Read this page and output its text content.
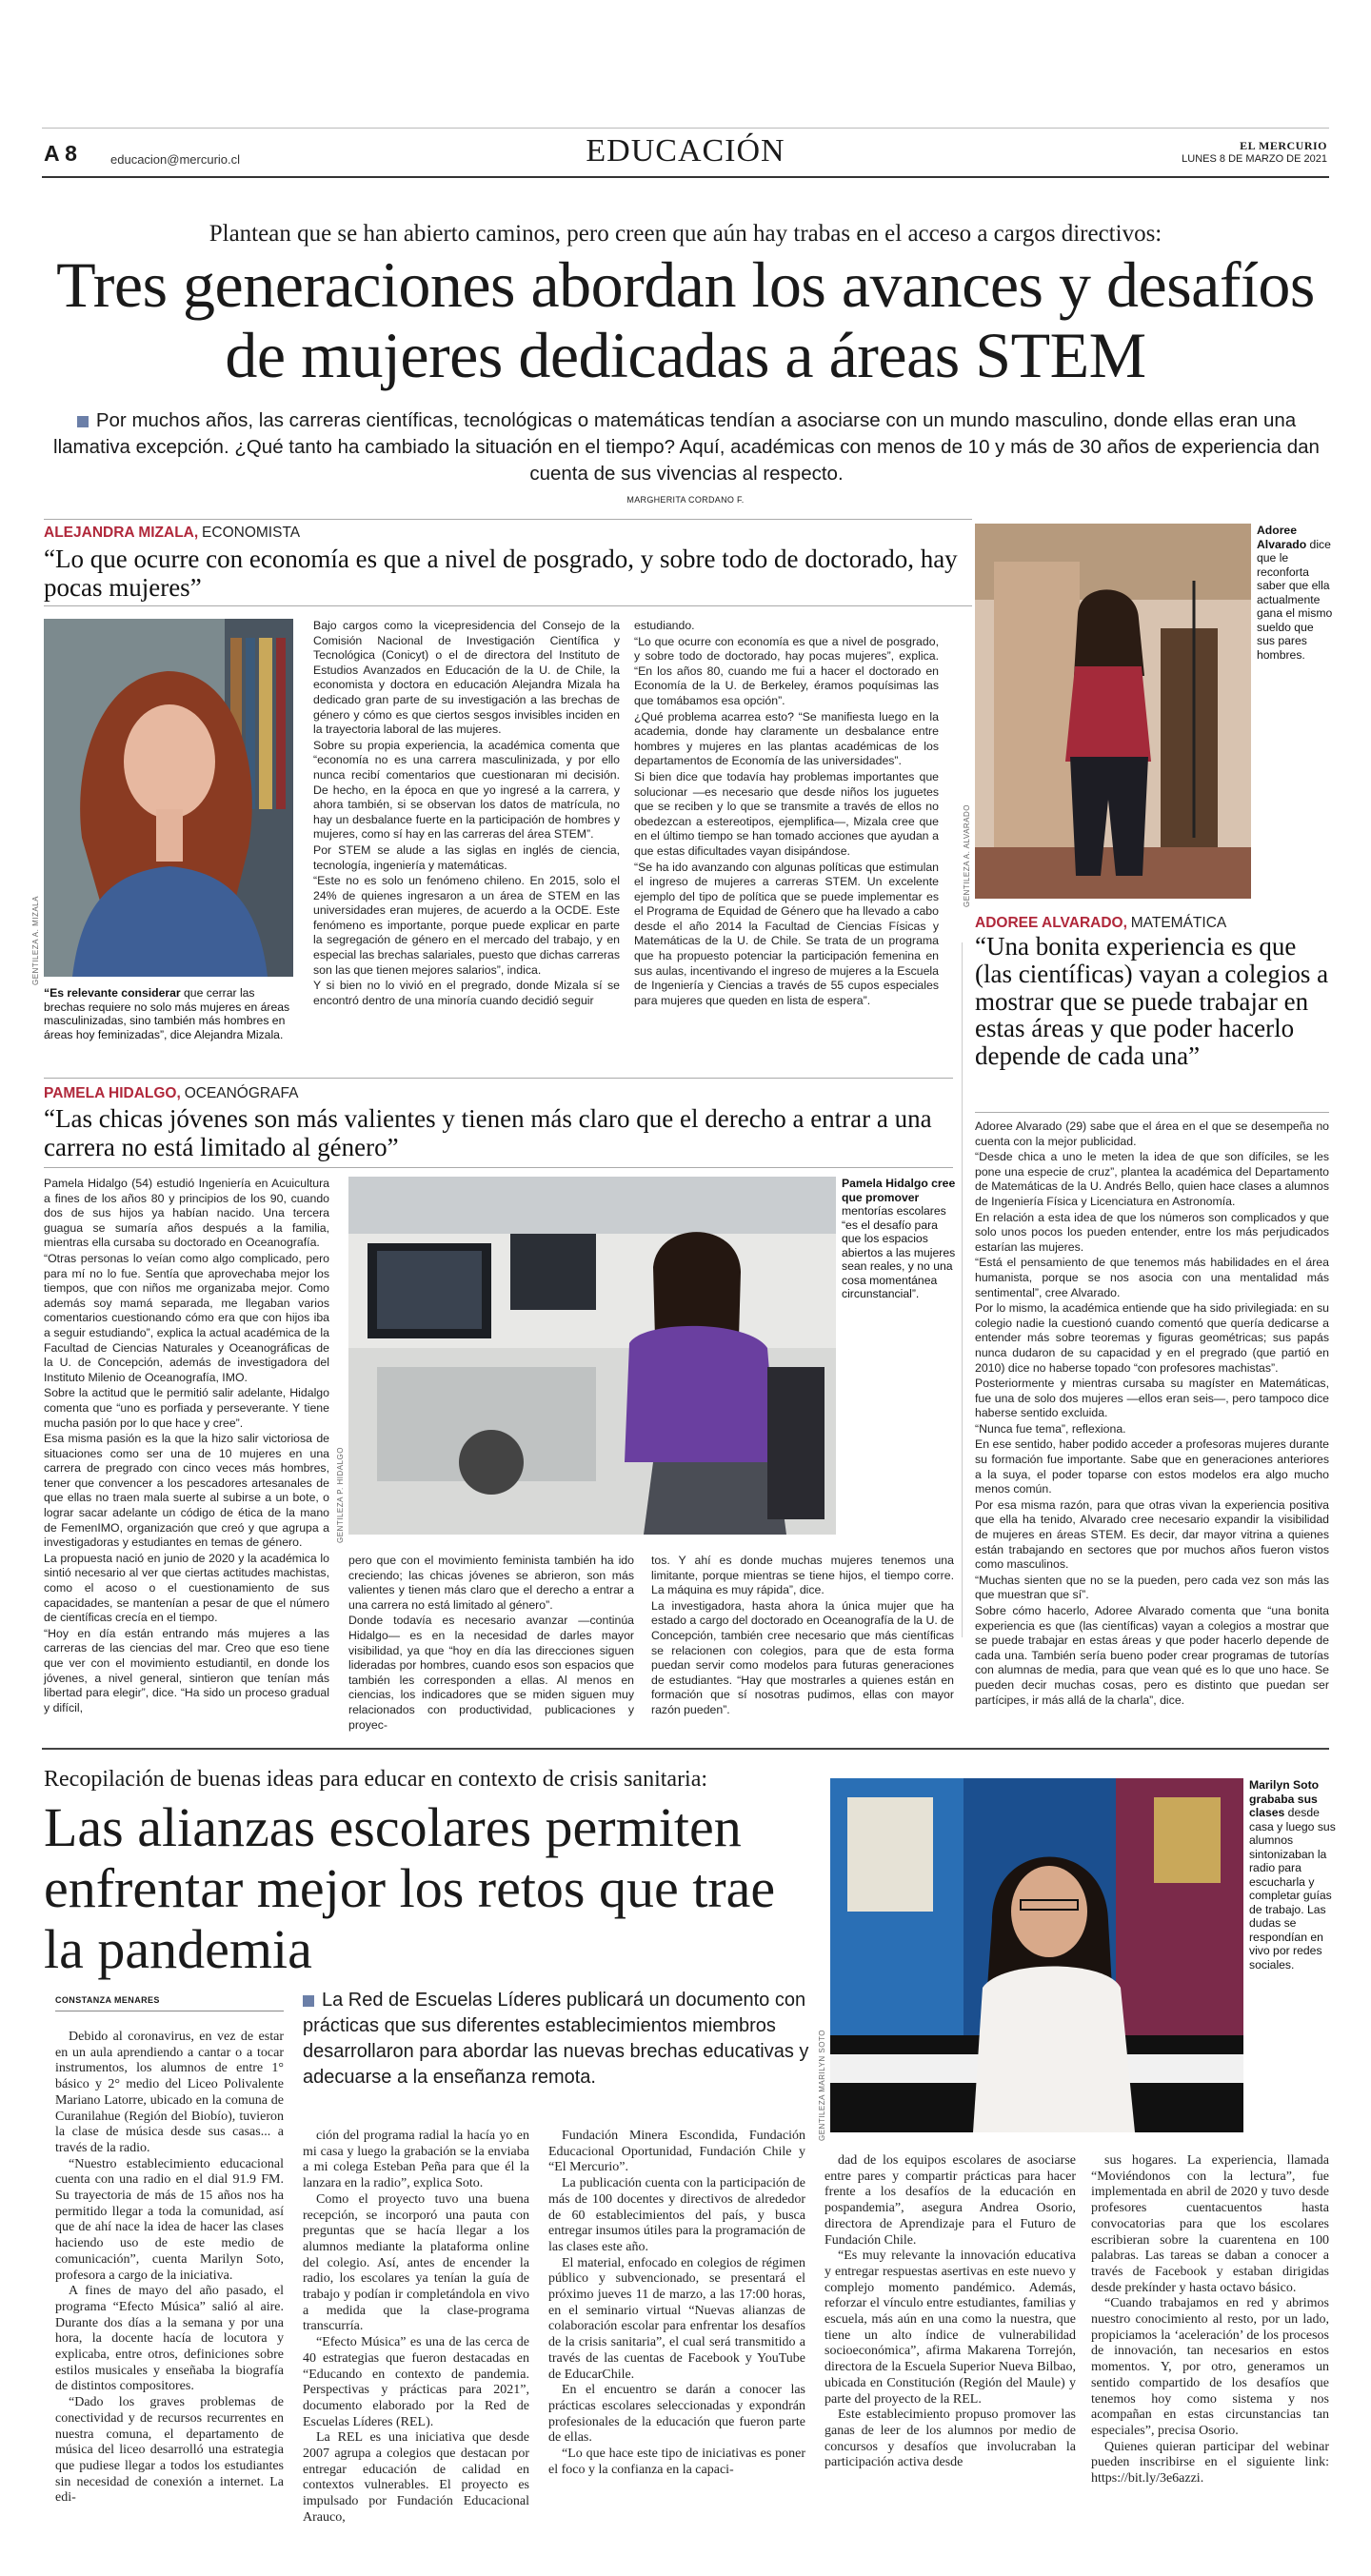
A 8	educacion@mercurio.cl	EDUCACIÓN	EL MERCURIO
LUNES 8 DE MARZO DE 2021
Plantean que se han abierto caminos, pero creen que aún hay trabas en el acceso a cargos directivos:
Tres generaciones abordan los avances y desafíos de mujeres dedicadas a áreas STEM
Por muchos años, las carreras científicas, tecnológicas o matemáticas tendían a asociarse con un mundo masculino, donde ellas eran una llamativa excepción. ¿Qué tanto ha cambiado la situación en el tiempo? Aquí, académicas con menos de 10 y más de 30 años de experiencia dan cuenta de sus vivencias al respecto.
MARGHERITA CORDANO F.
ALEJANDRA MIZALA, ECONOMISTA
“Lo que ocurre con economía es que a nivel de posgrado, y sobre todo de doctorado, hay pocas mujeres”
GENTILEZA A. MIZALA
“Es relevante considerar que cerrar las brechas requiere no solo más mujeres en áreas masculinizadas, sino también más hombres en áreas hoy feminizadas”, dice Alejandra Mizala.

Bajo cargos como la vicepresidencia del Consejo de la Comisión Nacional de Investigación Científica y Tecnológica (Conicyt) o el de directora del Instituto de Estudios Avanzados en Educación de la U. de Chile, la economista y doctora en educación Alejandra Mizala ha dedicado gran parte de su investigación a las brechas de género y cómo es que ciertos sesgos invisibles inciden en la trayectoria laboral de las mujeres.

Sobre su propia experiencia, la académica comenta que “economía no es una carrera masculinizada, y por ello nunca recibí comentarios que cuestionaran mi decisión. De hecho, en la época en que yo ingresé a la carrera, y ahora también, si se observan los datos de matrícula, no hay un desbalance fuerte en la participación de hombres y mujeres, como sí hay en las carreras del área STEM”.

Por STEM se alude a las siglas en inglés de ciencia, tecnología, ingeniería y matemáticas.

“Este no es solo un fenómeno chileno. En 2015, solo el 24% de quienes ingresaron a un área de STEM en las universidades eran mujeres, de acuerdo a la OCDE. Este fenómeno es importante, porque puede explicar en parte la segregación de género en el mercado del trabajo, y en especial las brechas salariales, puesto que dichas carreras son las que tienen mejores salarios”, indica.

Y si bien no lo vivió en el pregrado, donde Mizala sí se encontró dentro de una minoría cuando decidió seguir

estudiando.

“Lo que ocurre con economía es que a nivel de posgrado, y sobre todo de doctorado, hay pocas mujeres”, explica. “En los años 80, cuando me fui a hacer el doctorado en Economía de la U. de Berkeley, éramos poquísimas las que tomábamos esa opción”.

¿Qué problema acarrea esto? “Se manifiesta luego en la academia, donde hay claramente un desbalance entre hombres y mujeres en las plantas académicas de los departamentos de Economía de las universidades”.

Si bien dice que todavía hay problemas importantes que solucionar —es necesario que desde niños los juguetes que se reciben y lo que se transmite a través de ellos no obedezcan a estereotipos, ejemplifica—, Mizala cree que en el último tiempo se han tomado acciones que ayudan a que estas dificultades vayan disipándose.

“Se ha ido avanzando con algunas políticas que estimulan el ingreso de mujeres a carreras STEM. Un excelente ejemplo del tipo de política que se puede implementar es el Programa de Equidad de Género que ha llevado a cabo desde el año 2014 la Facultad de Ciencias Físicas y Matemáticas de la U. de Chile. Se trata de un programa que ha propuesto potenciar la participación femenina en sus aulas, incentivando el ingreso de mujeres a la Escuela de Ingeniería y Ciencias a través de 55 cupos especiales para mujeres que queden en lista de espera”.

GENTILEZA A. ALVARADO
Adoree Alvarado dice que le reconforta saber que ella actualmente gana el mismo sueldo que sus pares hombres.
ADOREE ALVARADO, MATEMÁTICA
“Una bonita experiencia es que (las científicas) vayan a colegios a mostrar que se puede trabajar en estas áreas y que poder hacerlo depende de cada una”

Adoree Alvarado (29) sabe que el área en el que se desempeña no cuenta con la mejor publicidad.

“Desde chica a uno le meten la idea de que son difíciles, se les pone una especie de cruz”, plantea la académica del Departamento de Matemáticas de la U. Andrés Bello, quien hace clases a alumnos de Ingeniería Física y Licenciatura en Astronomía.

En relación a esta idea de que los números son complicados y que solo unos pocos los pueden entender, entre los más perjudicados estarían las mujeres.

“Está el pensamiento de que tenemos más habilidades en el área humanista, porque se nos asocia con una mentalidad más sentimental”, cree Alvarado.

Por lo mismo, la académica entiende que ha sido privilegiada: en su colegio nadie la cuestionó cuando comentó que quería dedicarse a entender más sobre teoremas y figuras geométricas; sus papás nunca dudaron de su capacidad y en el pregrado (que partió en 2010) dice no haberse topado “con profesores machistas”.

Posteriormente y mientras cursaba su magíster en Matemáticas, fue una de solo dos mujeres —ellos eran seis—, pero tampoco dice haberse sentido excluida.

“Nunca fue tema”, reflexiona.

En ese sentido, haber podido acceder a profesoras mujeres durante su formación fue importante. Sabe que en generaciones anteriores a la suya, el poder toparse con estos modelos era algo mucho menos común.

Por esa misma razón, para que otras vivan la experiencia positiva que ella ha tenido, Alvarado cree necesario expandir la visibilidad de mujeres en áreas STEM. Es decir, dar mayor vitrina a quienes están trabajando en sectores que por muchos años fueron vistos como masculinos.

“Muchas sienten que no se la pueden, pero cada vez son más las que muestran que sí”.

Sobre cómo hacerlo, Adoree Alvarado comenta que “una bonita experiencia es que (las científicas) vayan a colegios a mostrar que se puede trabajar en estas áreas y que poder hacerlo depende de cada una. También sería bueno poder crear programas de tutorías con alumnas de media, para que vean qué es lo que uno hace. Se pueden decir muchas cosas, pero es distinto que puedan ser partícipes, ir más allá de la charla”, dice.

PAMELA HIDALGO, OCEANÓGRAFA
“Las chicas jóvenes son más valientes y tienen más claro que el derecho a entrar a una carrera no está limitado al género”

Pamela Hidalgo (54) estudió Ingeniería en Acuicultura a fines de los años 80 y principios de los 90, cuando dos de sus hijos ya habían nacido. Una tercera guagua se sumaría años después a la familia, mientras ella cursaba su doctorado en Oceanografía.

“Otras personas lo veían como algo complicado, pero para mí no lo fue. Sentía que aprovechaba mejor los tiempos, que con niños me organizaba mejor. Como además soy mamá separada, me llegaban varios comentarios cuestionando cómo era que con hijos iba a seguir estudiando”, explica la actual académica de la Facultad de Ciencias Naturales y Oceanográficas de la U. de Concepción, además de investigadora del Instituto Milenio de Oceanografía, IMO.

Sobre la actitud que le permitió salir adelante, Hidalgo comenta que “uno es porfiada y perseverante. Y tiene mucha pasión por lo que hace y cree”.

Esa misma pasión es la que la hizo salir victoriosa de situaciones como ser una de 10 mujeres en una carrera de pregrado con cinco veces más hombres, tener que convencer a los pescadores artesanales de que ellas no traen mala suerte al subirse a un bote, o lograr sacar adelante un código de ética de la mano de FemenIMO, organización que creó y que agrupa a investigadoras y estudiantes en temas de género.

La propuesta nació en junio de 2020 y la académica lo sintió necesario al ver que ciertas actitudes machistas, como el acoso o el cuestionamiento de sus capacidades, se mantenían a pesar de que el número de científicas crecía en el tiempo.

“Hoy en día están entrando más mujeres a las carreras de las ciencias del mar. Creo que eso tiene que ver con el movimiento estudiantil, en donde los jóvenes, a nivel general, sintieron que tenían más libertad para elegir”, dice. “Ha sido un proceso gradual y difícil,

GENTILEZA P. HIDALGO
Pamela Hidalgo cree que promover mentorías escolares “es el desafío para que los espacios abiertos a las mujeres sean reales, y no una cosa momentánea circunstancial”.

pero que con el movimiento feminista también ha ido creciendo; las chicas jóvenes se abrieron, son más valientes y tienen más claro que el derecho a entrar a una carrera no está limitado al género”.

Donde todavía es necesario avanzar —continúa Hidalgo— es en la necesidad de darles mayor visibilidad, ya que “hoy en día las direcciones siguen lideradas por hombres, cuando esos son espacios que también les corresponden a ellas. Al menos en ciencias, los indicadores que se miden siguen muy relacionados con productividad, publicaciones y proyec-

tos. Y ahí es donde muchas mujeres tenemos una limitante, porque mientras se tiene hijos, el tiempo corre. La máquina es muy rápida”, dice.

La investigadora, hasta ahora la única mujer que ha estado a cargo del doctorado en Oceanografía de la U. de Concepción, también cree necesario que más científicas se relacionen con colegios, para que de esta forma puedan servir como modelos para futuras generaciones de estudiantes. “Hay que mostrarles a quienes están en formación que sí nosotras pudimos, ellas con mayor razón pueden”.

Recopilación de buenas ideas para educar en contexto de crisis sanitaria:
Las alianzas escolares permiten enfrentar mejor los retos que trae la pandemia
CONSTANZA MENARES	La Red de Escuelas Líderes publicará un documento con prácticas que sus diferentes establecimientos miembros desarrollaron para abordar las nuevas brechas educativas y adecuarse a la enseñanza remota.	GENTILEZA MARILYN SOTO
Marilyn Soto grababa sus clases desde casa y luego sus alumnos sintonizaban la radio para escucharla y completar guías de trabajo. Las dudas se respondían en vivo por redes sociales.

Debido al coronavirus, en vez de estar en un aula aprendiendo a cantar o a tocar instrumentos, los alumnos de entre 1° básico y 2° medio del Liceo Polivalente Mariano Latorre, ubicado en la comuna de Curanilahue (Región del Biobío), tuvieron la clase de música desde sus casas... a través de la radio.

“Nuestro establecimiento educacional cuenta con una radio en el dial 91.9 FM. Su trayectoria de más de 15 años nos ha permitido llegar a toda la comunidad, así que de ahí nace la idea de hacer las clases haciendo uso de este medio de comunicación”, cuenta Marilyn Soto, profesora a cargo de la iniciativa.

A fines de mayo del año pasado, el programa “Efecto Música” salió al aire. Durante dos días a la semana y por una hora, la docente hacía de locutora y explicaba, entre otros, definiciones sobre estilos musicales y enseñaba la biografía de distintos compositores.

“Dado los graves problemas de conectividad y de recursos recurrentes en nuestra comuna, el departamento de música del liceo desarrolló una estrategia que pudiese llegar a todos los estudiantes sin necesidad de conexión a internet. La edi-

ción del programa radial la hacía yo en mi casa y luego la grabación se la enviaba a mi colega Esteban Peña para que él la lanzara en la radio”, explica Soto.

Como el proyecto tuvo una buena recepción, se incorporó una pauta con preguntas que se hacía llegar a los alumnos mediante la plataforma online del colegio. Así, antes de encender la radio, los escolares ya tenían la guía de trabajo y podían ir completándola en vivo a medida que la clase-programa transcurría.

“Efecto Música” es una de las cerca de 40 estrategias que fueron destacadas en “Educando en contexto de pandemia. Perspectivas y prácticas para 2021”, documento elaborado por la Red de Escuelas Líderes (REL).

La REL es una iniciativa que desde 2007 agrupa a colegios que destacan por entregar educación de calidad en contextos vulnerables. El proyecto es impulsado por Fundación Educacional Arauco,

Fundación Minera Escondida, Fundación Educacional Oportunidad, Fundación Chile y “El Mercurio”.

La publicación cuenta con la participación de más de 100 docentes y directivos de alrededor de 60 establecimientos del país, y busca entregar insumos útiles para la programación de las clases este año.

El material, enfocado en colegios de régimen público y subvencionado, se presentará el próximo jueves 11 de marzo, a las 17:00 horas, en el seminario virtual “Nuevas alianzas de colaboración escolar para enfrentar los desafíos de la crisis sanitaria”, el cual será transmitido a través de las cuentas de Facebook y YouTube de EducarChile.

En el encuentro se darán a conocer las prácticas escolares seleccionadas y expondrán profesionales de la educación que fueron parte de ellas.

“Lo que hace este tipo de iniciativas es poner el foco y la confianza en la capaci-

dad de los equipos escolares de asociarse entre pares y compartir prácticas para hacer frente a los desafíos de la educación en pospandemia”, asegura Andrea Osorio, directora de Aprendizaje para el Futuro de Fundación Chile.

“Es muy relevante la innovación educativa y entregar respuestas asertivas en este nuevo y complejo momento pandémico. Además, reforzar el vínculo entre estudiantes, familias y escuela, más aún en una como la nuestra, que tiene un alto índice de vulnerabilidad socioeconómica”, afirma Makarena Torrejón, directora de la Escuela Superior Nueva Bilbao, ubicada en Constitución (Región del Maule) y parte del proyecto de la REL.

Este establecimiento propuso promover las ganas de leer de los alumnos por medio de concursos y desafíos que involucraban la participación activa desde

sus hogares. La experiencia, llamada “Moviéndonos con la lectura”, fue implementada en abril de 2020 y tuvo desde profesores cuentacuentos hasta convocatorias para que los escolares escribieran sobre la cuarentena en 100 palabras. Las tareas se daban a conocer a través de Facebook y estaban dirigidas desde prekínder y hasta octavo básico.

“Cuando trabajamos en red y abrimos nuestro conocimiento al resto, por un lado, propiciamos la ‘aceleración’ de los procesos de innovación, tan necesarios en estos momentos. Y, por otro, generamos un sentido compartido de los desafíos que tenemos hoy como sistema y nos acompañan en estas circunstancias tan especiales”, precisa Osorio.

Quienes quieran participar del webinar pueden inscribirse en el siguiente link: https://bit.ly/3e6azzi.
